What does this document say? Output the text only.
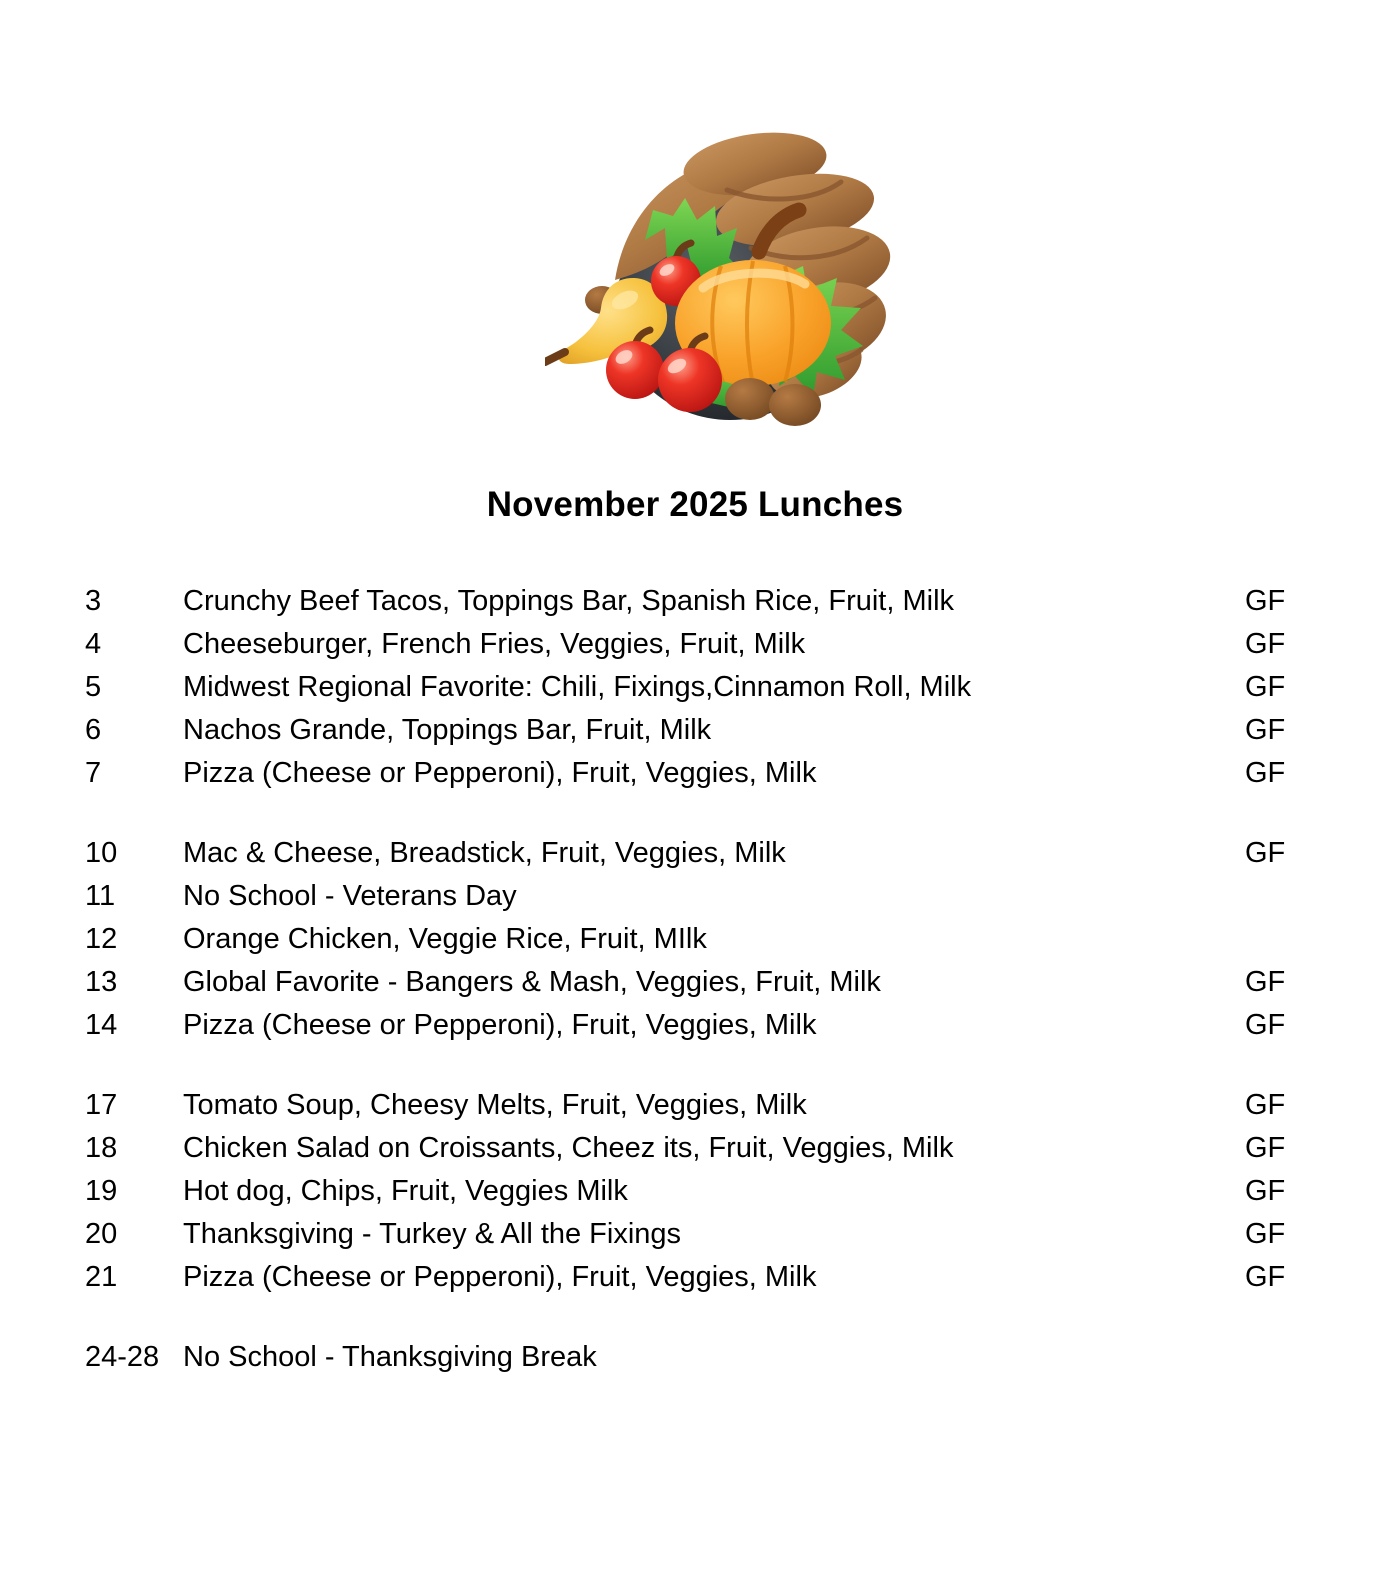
November 2025 Lunches
3	Crunchy Beef Tacos, Toppings Bar, Spanish Rice, Fruit, Milk	GF
4	Cheeseburger, French Fries, Veggies, Fruit, Milk	GF
5	Midwest Regional Favorite: Chili, Fixings,Cinnamon Roll, Milk	GF
6	Nachos Grande, Toppings Bar, Fruit, Milk	GF
7	Pizza (Cheese or Pepperoni), Fruit, Veggies, Milk	GF
10	Mac & Cheese, Breadstick, Fruit, Veggies, Milk	GF
11	No School - Veterans Day
12	Orange Chicken, Veggie Rice, Fruit, MIlk
13	Global Favorite - Bangers & Mash, Veggies, Fruit, Milk	GF
14	Pizza (Cheese or Pepperoni), Fruit, Veggies, Milk	GF
17	Tomato Soup, Cheesy Melts, Fruit, Veggies, Milk	GF
18	Chicken Salad on Croissants, Cheez its, Fruit, Veggies, Milk	GF
19	Hot dog, Chips, Fruit, Veggies Milk	GF
20	Thanksgiving - Turkey & All the Fixings	GF
21	Pizza (Cheese or Pepperoni), Fruit, Veggies, Milk	GF
24-28 No School - Thanksgiving Break
